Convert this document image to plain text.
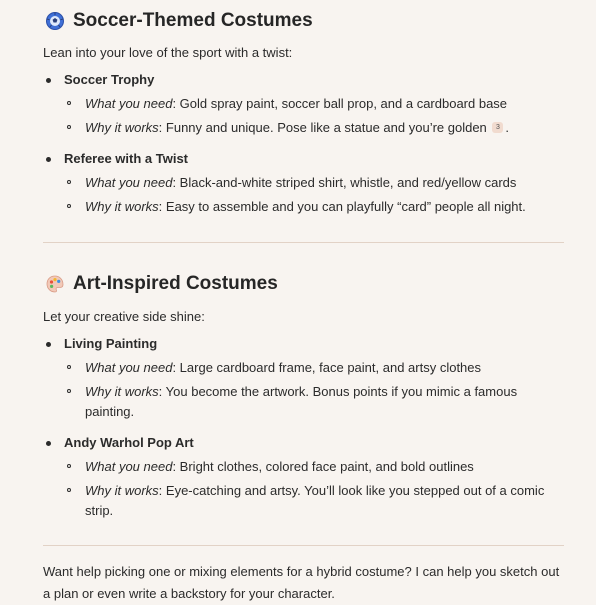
Soccer-Themed Costumes

Lean into your love of the sport with a twist:

Soccer Trophy

What you need: Gold spray paint, soccer ball prop, and a cardboard base
Why it works: Funny and unique. Pose like a statue and you’re golden 3 .

Referee with a Twist

What you need: Black-and-white striped shirt, whistle, and red/yellow cards
Why it works: Easy to assemble and you can playfully “card” people all night.
Art-Inspired Costumes

Let your creative side shine:

Living Painting

What you need: Large cardboard frame, face paint, and artsy clothes
Why it works: You become the artwork. Bonus points if you mimic a famous painting.

Andy Warhol Pop Art

What you need: Bright clothes, colored face paint, and bold outlines
Why it works: Eye-catching and artsy. You’ll look like you stepped out of a comic strip.

Want help picking one or mixing elements for a hybrid costume? I can help you sketch out a plan or even write a backstory for your character.
